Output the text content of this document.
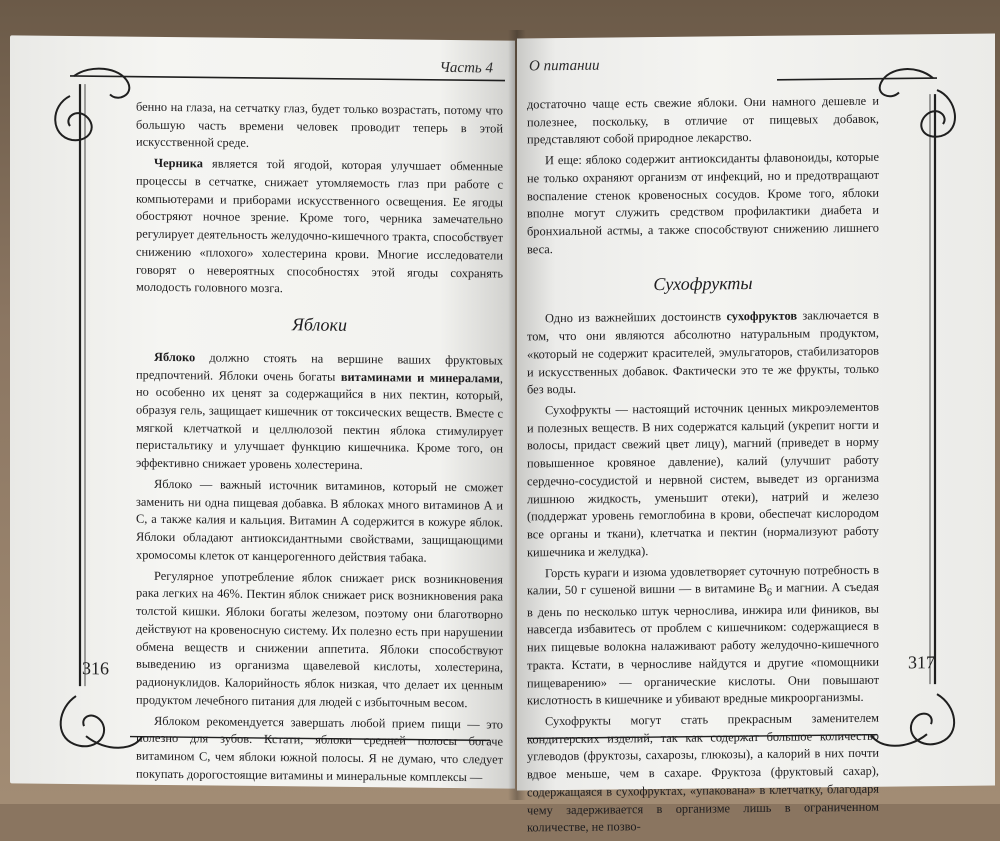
Часть 4

бенно на глаза, на сетчатку глаз, будет только возрастать, потому что большую часть времени человек проводит теперь в этой искусственной среде.

Черника является той ягодой, которая улучшает обменные процессы в сетчатке, снижает утомляемость глаз при работе с компьютерами и приборами искусственного освещения. Ее ягоды обостряют ночное зрение. Кроме того, черника замечательно регулирует деятельность желудочно-кишечного тракта, способствует снижению «плохого» холестерина крови. Многие исследователи говорят о невероятных способностях этой ягоды сохранять молодость головного мозга.

Яблоки

Яблоко должно стоять на вершине ваших фруктовых предпочтений. Яблоки очень богаты витаминами и минералами, но особенно их ценят за содержащийся в них пектин, который, образуя гель, защищает кишечник от токсических веществ. Вместе с мягкой клетчаткой и целлюлозой пектин яблока стимулирует перистальтику и улучшает функцию кишечника. Кроме того, он эффективно снижает уровень холестерина.

Яблоко — важный источник витаминов, который не сможет заменить ни одна пищевая добавка. В яблоках много витаминов А и С, а также калия и кальция. Витамин А содержится в кожуре яблок. Яблоки обладают антиоксидантными свойствами, защищающими хромосомы клеток от канцерогенного действия табака.

Регулярное употребление яблок снижает риск возникновения рака легких на 46%. Пектин яблок снижает риск возникновения рака толстой кишки. Яблоки богаты железом, поэтому они благотворно действуют на кровеносную систему. Их полезно есть при нарушении обмена веществ и снижении аппетита. Яблоки способствуют выведению из организма щавелевой кислоты, холестерина, радионуклидов. Калорийность яблок низкая, что делает их ценным продуктом лечебного питания для людей с избыточным весом.

Яблоком рекомендуется завершать любой прием пищи — это полезно для зубов. Кстати, яблоки средней полосы богаче витамином С, чем яблоки южной полосы. Я не думаю, что следует покупать дорогостоящие витамины и минеральные комплексы —

316
О питании

достаточно чаще есть свежие яблоки. Они намного дешевле и полезнее, поскольку, в отличие от пищевых добавок, представляют собой природное лекарство.

И еще: яблоко содержит антиоксиданты флавоноиды, которые не только охраняют организм от инфекций, но и предотвращают воспаление стенок кровеносных сосудов. Кроме того, яблоки вполне могут служить средством профилактики диабета и бронхиальной астмы, а также способствуют снижению лишнего веса.

Сухофрукты

Одно из важнейших достоинств сухофруктов заключается в том, что они являются абсолютно натуральным продуктом, «который не содержит красителей, эмульгаторов, стабилизаторов и искусственных добавок. Фактически это те же фрукты, только без воды.

Сухофрукты — настоящий источник ценных микроэлементов и полезных веществ. В них содержатся кальций (укрепит ногти и волосы, придаст свежий цвет лицу), магний (приведет в норму повышенное кровяное давление), калий (улучшит работу сердечно-сосудистой и нервной систем, выведет из организма лишнюю жидкость, уменьшит отеки), натрий и железо (поддержат уровень гемоглобина в крови, обеспечат кислородом все органы и ткани), клетчатка и пектин (нормализуют работу кишечника и желудка).

Горсть кураги и изюма удовлетворяет суточную потребность в калии, 50 г сушеной вишни — в витамине $В_6$ и магнии. А съедая в день по несколько штук чернослива, инжира или фиников, вы навсегда избавитесь от проблем с кишечником: содержащиеся в них пищевые волокна налаживают работу желудочно-кишечного тракта. Кстати, в черносливе найдутся и другие «помощники пищеварению» — органические кислоты. Они повышают кислотность в кишечнике и убивают вредные микроорганизмы.

Сухофрукты могут стать прекрасным заменителем кондитерских изделий, так как содержат большое количество углеводов (фруктозы, сахарозы, глюкозы), а калорий в них почти вдвое меньше, чем в сахаре. Фруктоза (фруктовый сахар), содержащаяся в сухофруктах, «упакована» в клетчатку, благодаря чему задерживается в организме лишь в ограниченном количестве, не позво-

317
